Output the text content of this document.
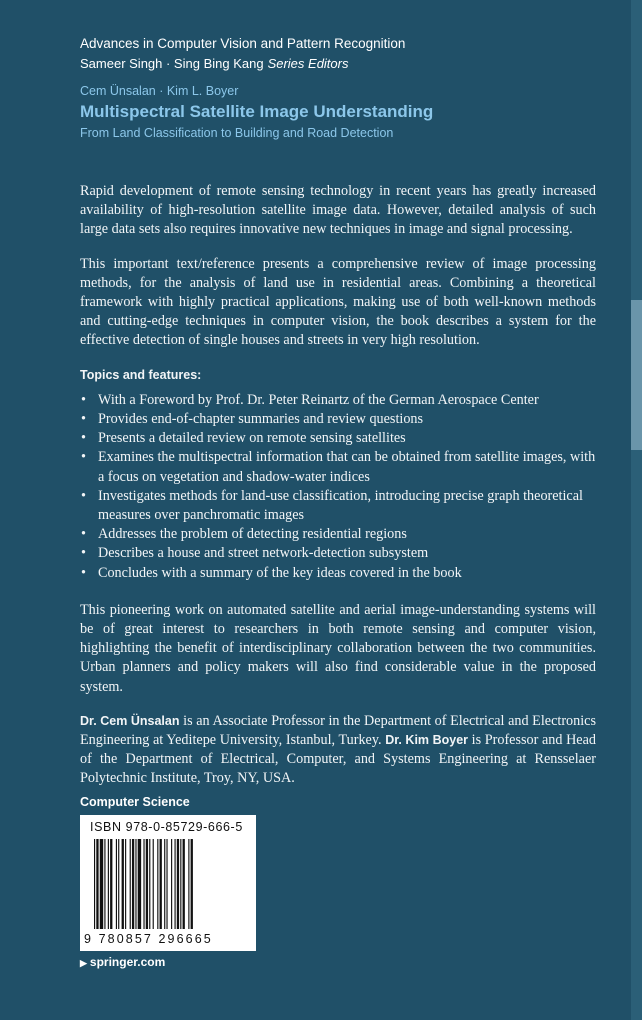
Advances in Computer Vision and Pattern Recognition
Sameer Singh · Sing Bing Kang Series Editors
Cem Ünsalan · Kim L. Boyer
Multispectral Satellite Image Understanding
From Land Classification to Building and Road Detection

Rapid development of remote sensing technology in recent years has greatly increased availability of high-resolution satellite image data. However, detailed analysis of such large data sets also requires innovative new techniques in image and signal processing.

This important text/reference presents a comprehensive review of image processing methods, for the analysis of land use in residential areas. Combining a theoretical framework with highly practical applications, making use of both well-known methods and cutting-edge techniques in computer vision, the book describes a system for the effective detection of single houses and streets in very high resolution.

Topics and features:
• With a Foreword by Prof. Dr. Peter Reinartz of the German Aerospace Center
• Provides end-of-chapter summaries and review questions
• Presents a detailed review on remote sensing satellites
• Examines the multispectral information that can be obtained from satellite images, with a focus on vegetation and shadow-water indices
• Investigates methods for land-use classification, introducing precise graph theoretical measures over panchromatic images
• Addresses the problem of detecting residential regions
• Describes a house and street network-detection subsystem
• Concludes with a summary of the key ideas covered in the book

This pioneering work on automated satellite and aerial image-understanding systems will be of great interest to researchers in both remote sensing and computer vision, highlighting the benefit of interdisciplinary collaboration between the two communities. Urban planners and policy makers will also find considerable value in the proposed system.

Dr. Cem Ünsalan is an Associate Professor in the Department of Electrical and Electronics Engineering at Yeditepe University, Istanbul, Turkey. Dr. Kim Boyer is Professor and Head of the Department of Electrical, Computer, and Systems Engineering at Rensselaer Polytechnic Institute, Troy, NY, USA.

Computer Science
ISBN 978-0-85729-666-5
9 780857 296665
▶ springer.com
